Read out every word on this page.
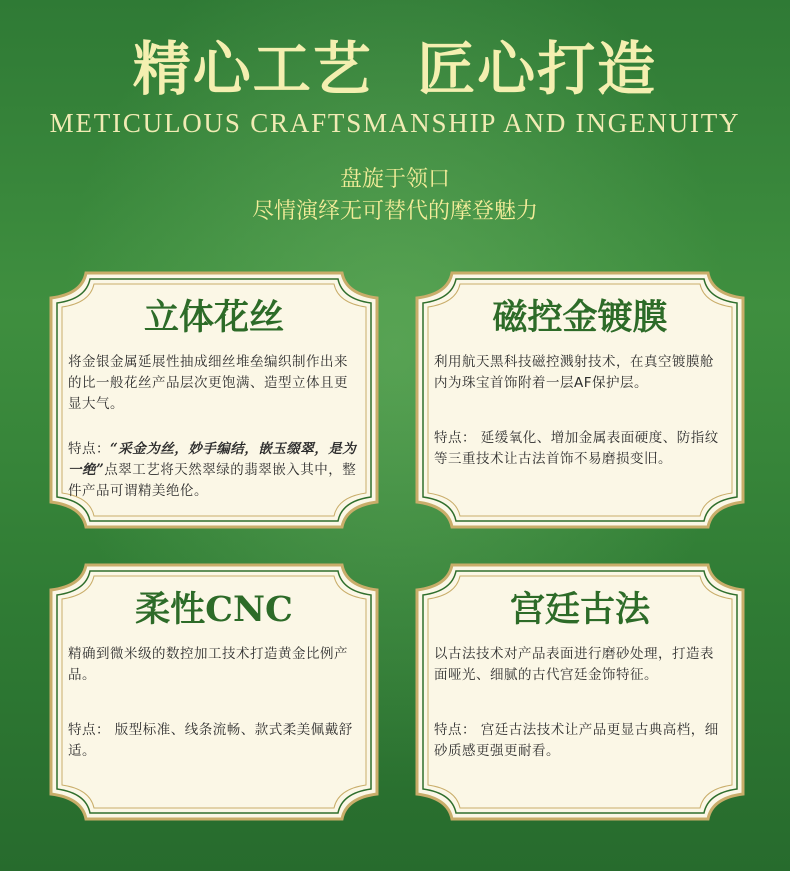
精心工艺  匠心打造
METICULOUS CRAFTSMANSHIP AND INGENUITY
盘旋于领口
尽情演绎无可替代的摩登魅力
立体花丝

将金银金属延展性抽成细丝堆垒编织制作出来的比一般花丝产品层次更饱满、造型立体且更显大气。

特点：“采金为丝，妙手编结，嵌玉缀翠，是为一绝”点翠工艺将天然翠绿的翡翠嵌入其中，整件产品可谓精美绝伦。

磁控金镀膜

利用航天黑科技磁控溅射技术，在真空镀膜舱内为珠宝首饰附着一层AF保护层。

特点： 延缓氧化、增加金属表面硬度、防指纹等三重技术让古法首饰不易磨损变旧。

柔性CNC

精确到微米级的数控加工技术打造黄金比例产品。

特点： 版型标准、线条流畅、款式柔美佩戴舒适。

宫廷古法

以古法技术对产品表面进行磨砂处理，打造表面哑光、细腻的古代宫廷金饰特征。

特点： 宫廷古法技术让产品更显古典高档，细砂质感更强更耐看。
